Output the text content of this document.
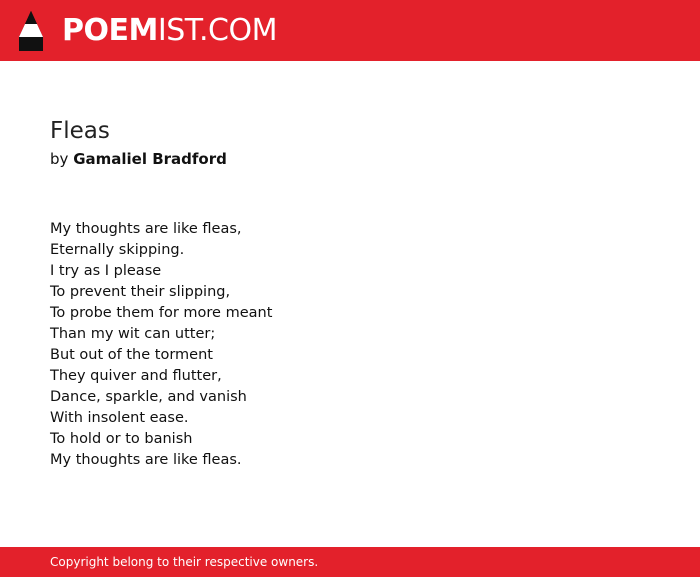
POEMIST.COM
Fleas
by Gamaliel Bradford
My thoughts are like fleas,
Eternally skipping.
I try as I please
To prevent their slipping,
To probe them for more meant
Than my wit can utter;
But out of the torment
They quiver and flutter,
Dance, sparkle, and vanish
With insolent ease.
To hold or to banish
My thoughts are like fleas.
Copyright belong to their respective owners.
